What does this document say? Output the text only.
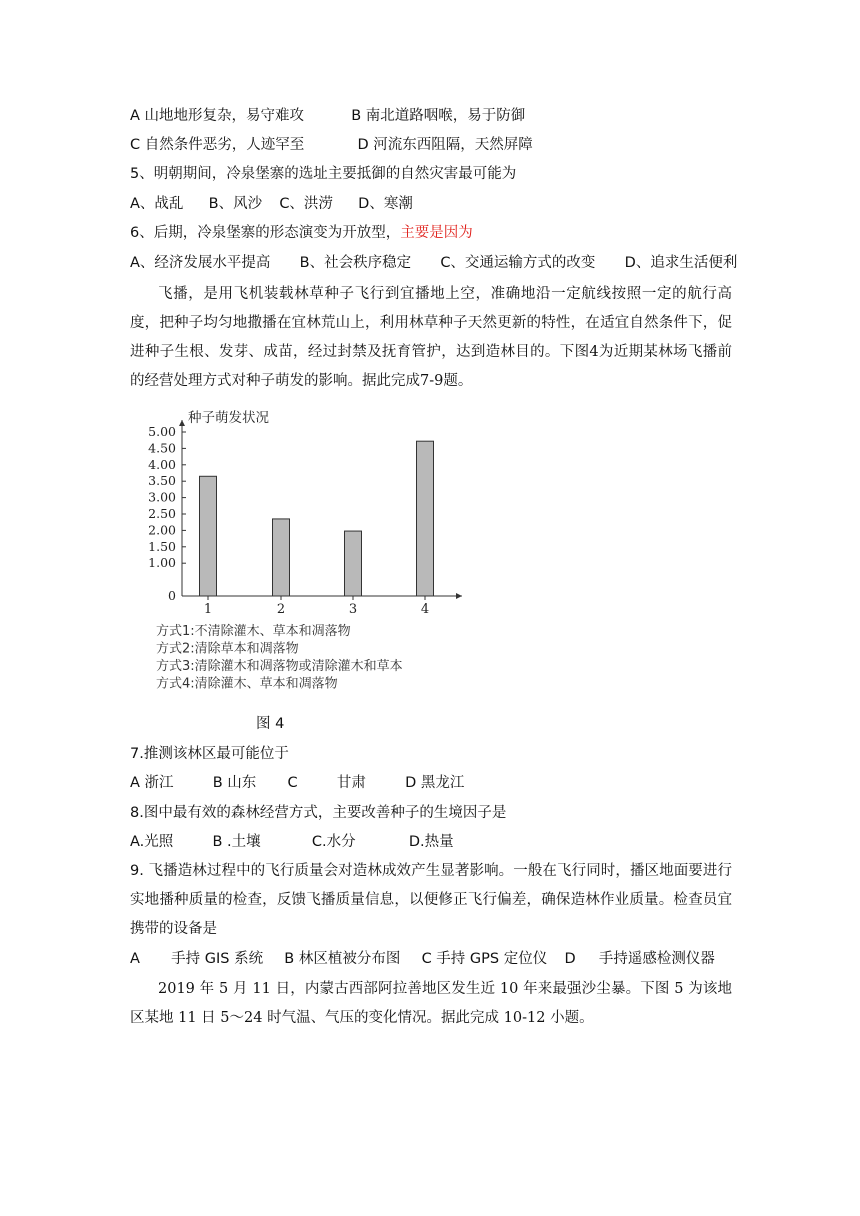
A 山地地形复杂，易守难攻	B 南北道路咽喉，易于防御
C 自然条件恶劣，人迹罕至	D 河流东西阻隔，天然屏障
5、明朝期间，冷泉堡寨的选址主要抵御的自然灾害最可能为
A、战乱 B、风沙 C、洪涝 D、寒潮
6、后期，冷泉堡寨的形态演变为开放型，主要是因为
A、经济发展水平提高 B、社会秩序稳定 C、交通运输方式的改变 D、追求生活便利
飞播，是用飞机装载林草种子飞行到宜播地上空，准确地沿一定航线按照一定的航行高度，把种子均匀地撒播在宜林荒山上，利用林草种子天然更新的特性，在适宜自然条件下，促进种子生根、发芽、成苗，经过封禁及抚育管护，达到造林目的。下图4为近期某林场飞播前的经营处理方式对种子萌发的影响。据此完成7-9题。
种子萌发状况
0
1.00
1.50
2.00
2.50
3.00
3.50
4.00
4.50
5.00
1	2	3	4
方式1:不清除灌木、草本和凋落物
方式2:清除草本和凋落物
方式3:清除灌木和凋落物或清除灌木和草本
方式4:清除灌木、草本和凋落物
图 4
7.推测该林区最可能位于
A 浙江	B 山东 C	甘肃	D 黑龙江
8.图中最有效的森林经营方式，主要改善种子的生境因子是
A.光照	B .土壤	C.水分	D.热量
9. 飞播造林过程中的飞行质量会对造林成效产生显著影响。一般在飞行同时，播区地面要进行实地播种质量的检查，反馈飞播质量信息，以便修正飞行偏差，确保造林作业质量。检查员宜携带的设备是
A 手持 GIS 系统 B 林区植被分布图 C 手持 GPS 定位仪 D 手持遥感检测仪器
2019 年 5 月 11 日，内蒙古西部阿拉善地区发生近 10 年来最强沙尘暴。下图 5 为该地区某地 11 日 5～24 时气温、气压的变化情况。据此完成 10-12 小题。
